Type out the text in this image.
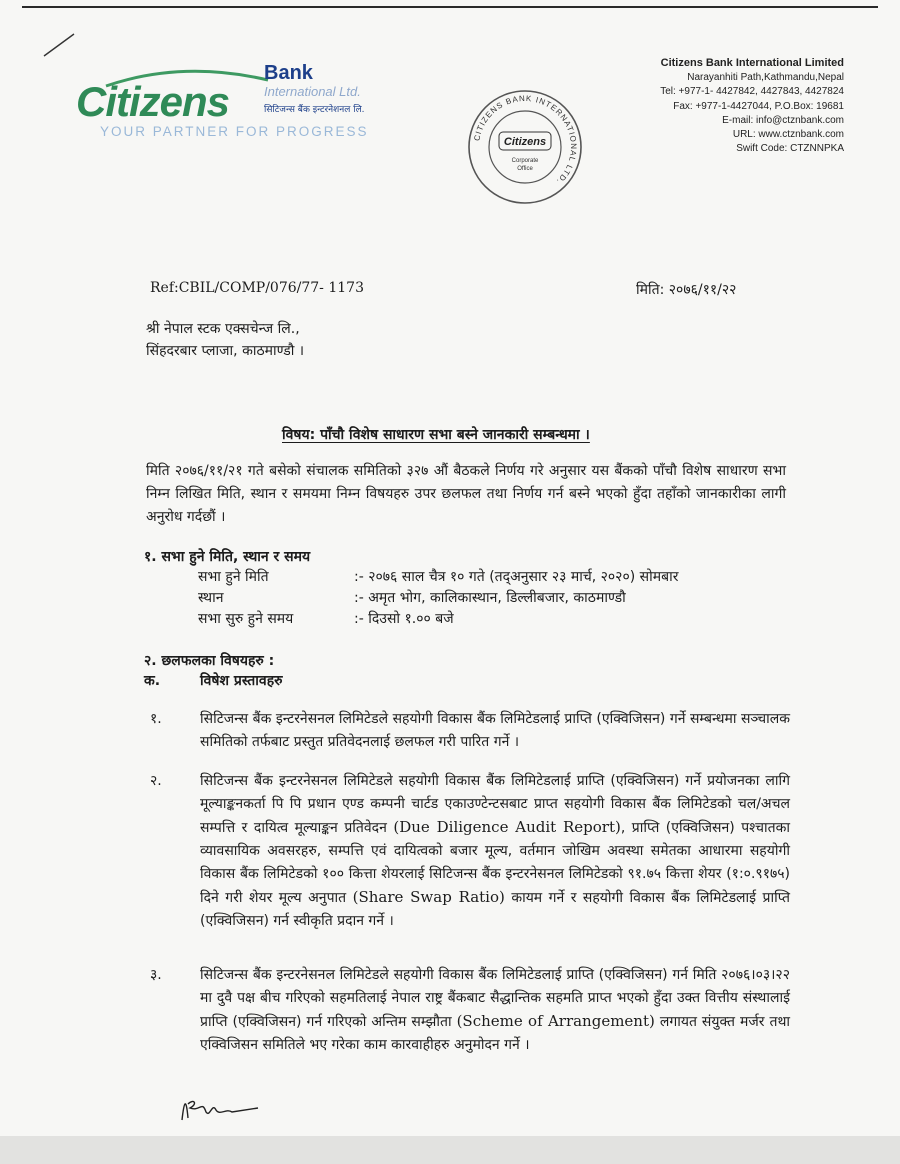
Citizens
Bank
International Ltd.
सिटिजन्स बैंक इन्टरनेशनल लि.
YOUR PARTNER FOR PROGRESS	CITIZENS BANK INTERNATIONAL LTD.
Citizens
Corporate
Office
Citizens Bank International Limited
Narayanhiti Path,Kathmandu,Nepal
Tel: +977-1- 4427842, 4427843, 4427824
Fax: +977-1-4427044, P.O.Box: 19681
E-mail: info@ctznbank.com
URL: www.ctznbank.com
Swift Code: CTZNNPKA
Ref:CBIL/COMP/076/77- 1173	मिति: २०७६/११/२२
श्री नेपाल स्टक एक्सचेन्ज लि.,
सिंहदरबार प्लाजा, काठमाण्डौ ।
विषय: पाँचौ विशेष साधारण सभा बस्ने जानकारी सम्बन्धमा ।
मिति २०७६/११/२१ गते बसेको संचालक समितिको ३२७ औं बैठकले निर्णय गरे अनुसार यस बैंकको पाँचौ विशेष साधारण सभा निम्न लिखित मिति, स्थान र समयमा निम्न विषयहरु उपर छलफल तथा निर्णय गर्न बस्ने भएको हुँदा तहाँको जानकारीका लागी अनुरोध गर्दछौं ।
१. सभा हुने मिति, स्थान र समय
सभा हुने मिति	:- २०७६ साल चैत्र १० गते (तद्अनुसार २३ मार्च, २०२०) सोमबार
स्थान	:- अमृत भोग, कालिकास्थान, डिल्लीबजार, काठमाण्डौ
सभा सुरु हुने समय	:- दिउसो १.०० बजे
२. छलफलका विषयहरु :
क.	विषेश प्रस्तावहरु
१.	सिटिजन्स बैंक इन्टरनेसनल लिमिटेडले सहयोगी विकास बैंक लिमिटेडलाई प्राप्ति (एक्विजिसन) गर्ने सम्बन्धमा सञ्चालक समितिको तर्फबाट प्रस्तुत प्रतिवेदनलाई छलफल गरी पारित गर्ने ।
२.	सिटिजन्स बैंक इन्टरनेसनल लिमिटेडले सहयोगी विकास बैंक लिमिटेडलाई प्राप्ति (एक्विजिसन) गर्ने प्रयोजनका लागि मूल्याङ्कनकर्ता पि पि प्रधान एण्ड कम्पनी चार्टड एकाउण्टेन्टसबाट प्राप्त सहयोगी विकास बैंक लिमिटेडको चल/अचल सम्पत्ति र दायित्व मूल्याङ्कन प्रतिवेदन (Due Diligence Audit Report), प्राप्ति (एक्विजिसन) पश्चातका व्यावसायिक अवसरहरु, सम्पत्ति एवं दायित्वको बजार मूल्य, वर्तमान जोखिम अवस्था समेतका आधारमा सहयोगी विकास बैंक लिमिटेडको १०० कित्ता शेयरलाई सिटिजन्स बैंक इन्टरनेसनल लिमिटेडको ९१.७५ कित्ता शेयर (१:०.९१७५) दिने गरी शेयर मूल्य अनुपात (Share Swap Ratio) कायम गर्ने र सहयोगी विकास बैंक लिमिटेडलाई प्राप्ति (एक्विजिसन) गर्न स्वीकृति प्रदान गर्ने ।
३.	सिटिजन्स बैंक इन्टरनेसनल लिमिटेडले सहयोगी विकास बैंक लिमिटेडलाई प्राप्ति (एक्विजिसन) गर्न मिति २०७६।०३।२२ मा दुवै पक्ष बीच गरिएको सहमतिलाई नेपाल राष्ट्र बैंकबाट सैद्धान्तिक सहमति प्राप्त भएको हुँदा उक्त वित्तीय संस्थालाई प्राप्ति (एक्विजिसन) गर्न गरिएको अन्तिम सम्झौता (Scheme of Arrangement) लगायत संयुक्त मर्जर तथा एक्विजिसन समितिले भए गरेका काम कारवाहीहरु अनुमोदन गर्ने ।
